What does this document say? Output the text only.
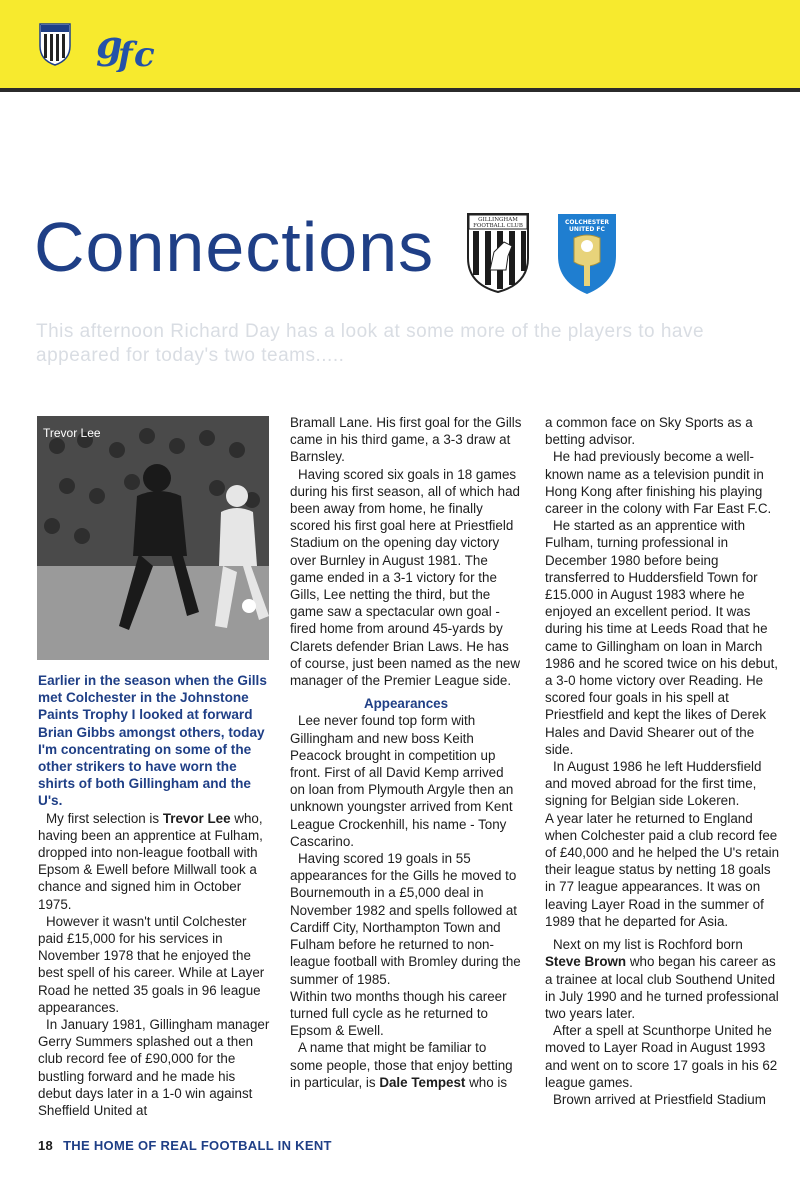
g
f c
Connections	GILLINGHAM
FOOTBALL CLUB	COLCHESTER
UNITED FC

This afternoon Richard Day has a look at some more of the players to have appeared for today's two teams.....

Trevor Lee

Earlier in the season when the Gills met Colchester in the Johnstone Paints Trophy I looked at forward Brian Gibbs amongst others, today I'm concentrating on some of the other strikers to have worn the shirts of both Gillingham and the U's.

My first selection is Trevor Lee who, having been an apprentice at Fulham, dropped into non-league football with Epsom & Ewell before Millwall took a chance and signed him in October 1975.

However it wasn't until Colchester paid £15,000 for his services in November 1978 that he enjoyed the best spell of his career. While at Layer Road he netted 35 goals in 96 league appearances.

In January 1981, Gillingham manager Gerry Summers splashed out a then club record fee of £90,000 for the bustling forward and he made his debut days later in a 1-0 win against Sheffield United at

Bramall Lane. His first goal for the Gills came in his third game, a 3-3 draw at Barnsley.

Having scored six goals in 18 games during his first season, all of which had been away from home, he finally scored his first goal here at Priestfield Stadium on the opening day victory over Burnley in August 1981. The game ended in a 3-1 victory for the Gills, Lee netting the third, but the game saw a spectacular own goal - fired home from around 45-yards by Clarets defender Brian Laws. He has of course, just been named as the new manager of the Premier League side.

Appearances

Lee never found top form with Gillingham and new boss Keith Peacock brought in competition up front. First of all David Kemp arrived on loan from Plymouth Argyle then an unknown youngster arrived from Kent League Crockenhill, his name - Tony Cascarino.

Having scored 19 goals in 55 appearances for the Gills he moved to Bournemouth in a £5,000 deal in November 1982 and spells followed at Cardiff City, Northampton Town and Fulham before he returned to non-league football with Bromley during the summer of 1985.

Within two months though his career turned full cycle as he returned to Epsom & Ewell.

A name that might be familiar to some people, those that enjoy betting in particular, is Dale Tempest who is

a common face on Sky Sports as a betting advisor.

He had previously become a well-known name as a television pundit in Hong Kong after finishing his playing career in the colony with Far East F.C.

He started as an apprentice with Fulham, turning professional in December 1980 before being transferred to Huddersfield Town for £15.000 in August 1983 where he enjoyed an excellent period. It was during his time at Leeds Road that he came to Gillingham on loan in March 1986 and he scored twice on his debut, a 3-0 home victory over Reading. He scored four goals in his spell at Priestfield and kept the likes of Derek Hales and David Shearer out of the side.

In August 1986 he left Huddersfield and moved abroad for the first time, signing for Belgian side Lokeren.

A year later he returned to England when Colchester paid a club record fee of £40,000 and he helped the U's retain their league status by netting 18 goals in 77 league appearances. It was on leaving Layer Road in the summer of 1989 that he departed for Asia.

Next on my list is Rochford born Steve Brown who began his career as a trainee at local club Southend United in July 1990 and he turned professional two years later.

After a spell at Scunthorpe United he moved to Layer Road in August 1993 and went on to score 17 goals in his 62 league games.

Brown arrived at Priestfield Stadium

18 THE HOME OF REAL FOOTBALL IN KENT
